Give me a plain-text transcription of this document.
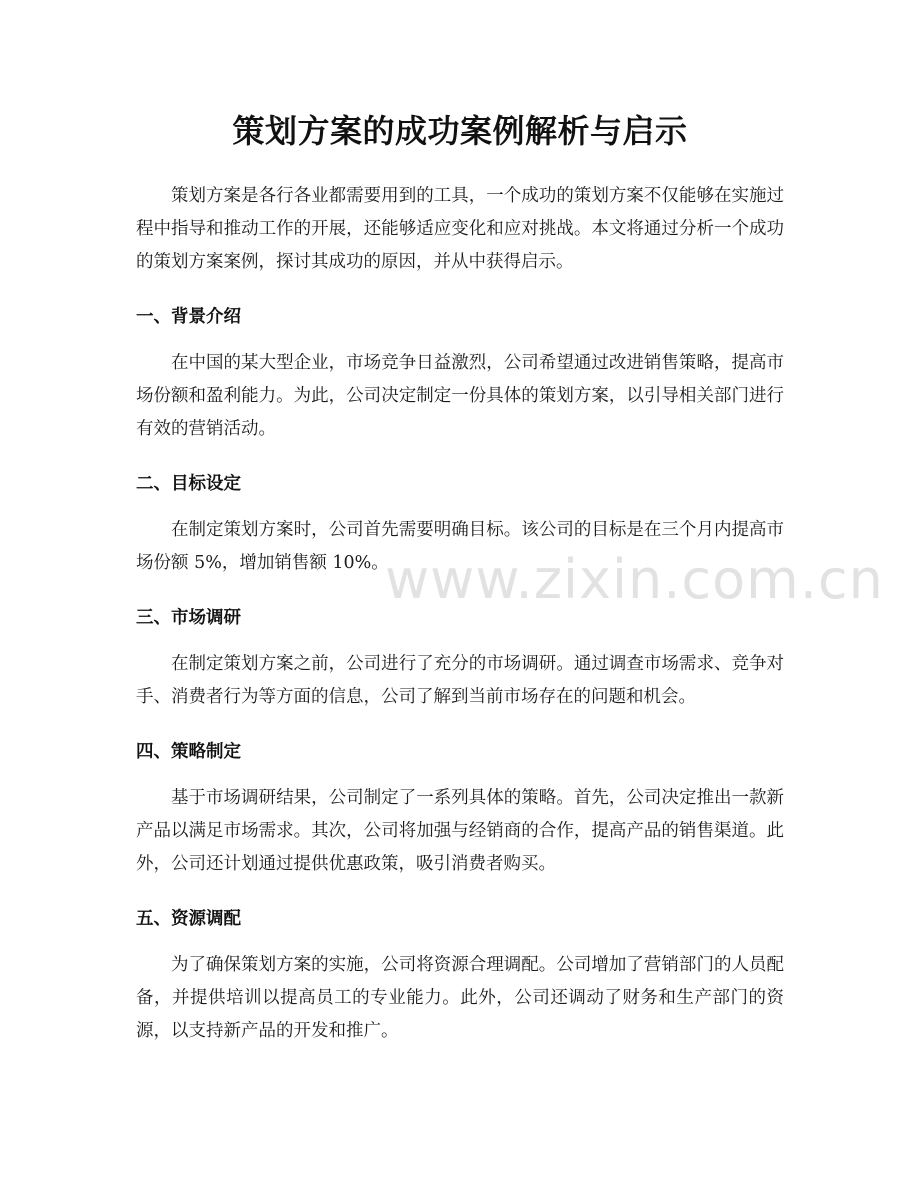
策划方案的成功案例解析与启示

策划方案是各行各业都需要用到的工具，一个成功的策划方案不仅能够在实施过程中指导和推动工作的开展，还能够适应变化和应对挑战。本文将通过分析一个成功的策划方案案例，探讨其成功的原因，并从中获得启示。

一、背景介绍

在中国的某大型企业，市场竞争日益激烈，公司希望通过改进销售策略，提高市场份额和盈利能力。为此，公司决定制定一份具体的策划方案，以引导相关部门进行有效的营销活动。

二、目标设定

在制定策划方案时，公司首先需要明确目标。该公司的目标是在三个月内提高市场份额 5%，增加销售额 10%。

三、市场调研

在制定策划方案之前，公司进行了充分的市场调研。通过调查市场需求、竞争对手、消费者行为等方面的信息，公司了解到当前市场存在的问题和机会。

四、策略制定

基于市场调研结果，公司制定了一系列具体的策略。首先，公司决定推出一款新产品以满足市场需求。其次，公司将加强与经销商的合作，提高产品的销售渠道。此外，公司还计划通过提供优惠政策，吸引消费者购买。

五、资源调配

为了确保策划方案的实施，公司将资源合理调配。公司增加了营销部门的人员配备，并提供培训以提高员工的专业能力。此外，公司还调动了财务和生产部门的资源，以支持新产品的开发和推广。

www.zixin.com.cn
